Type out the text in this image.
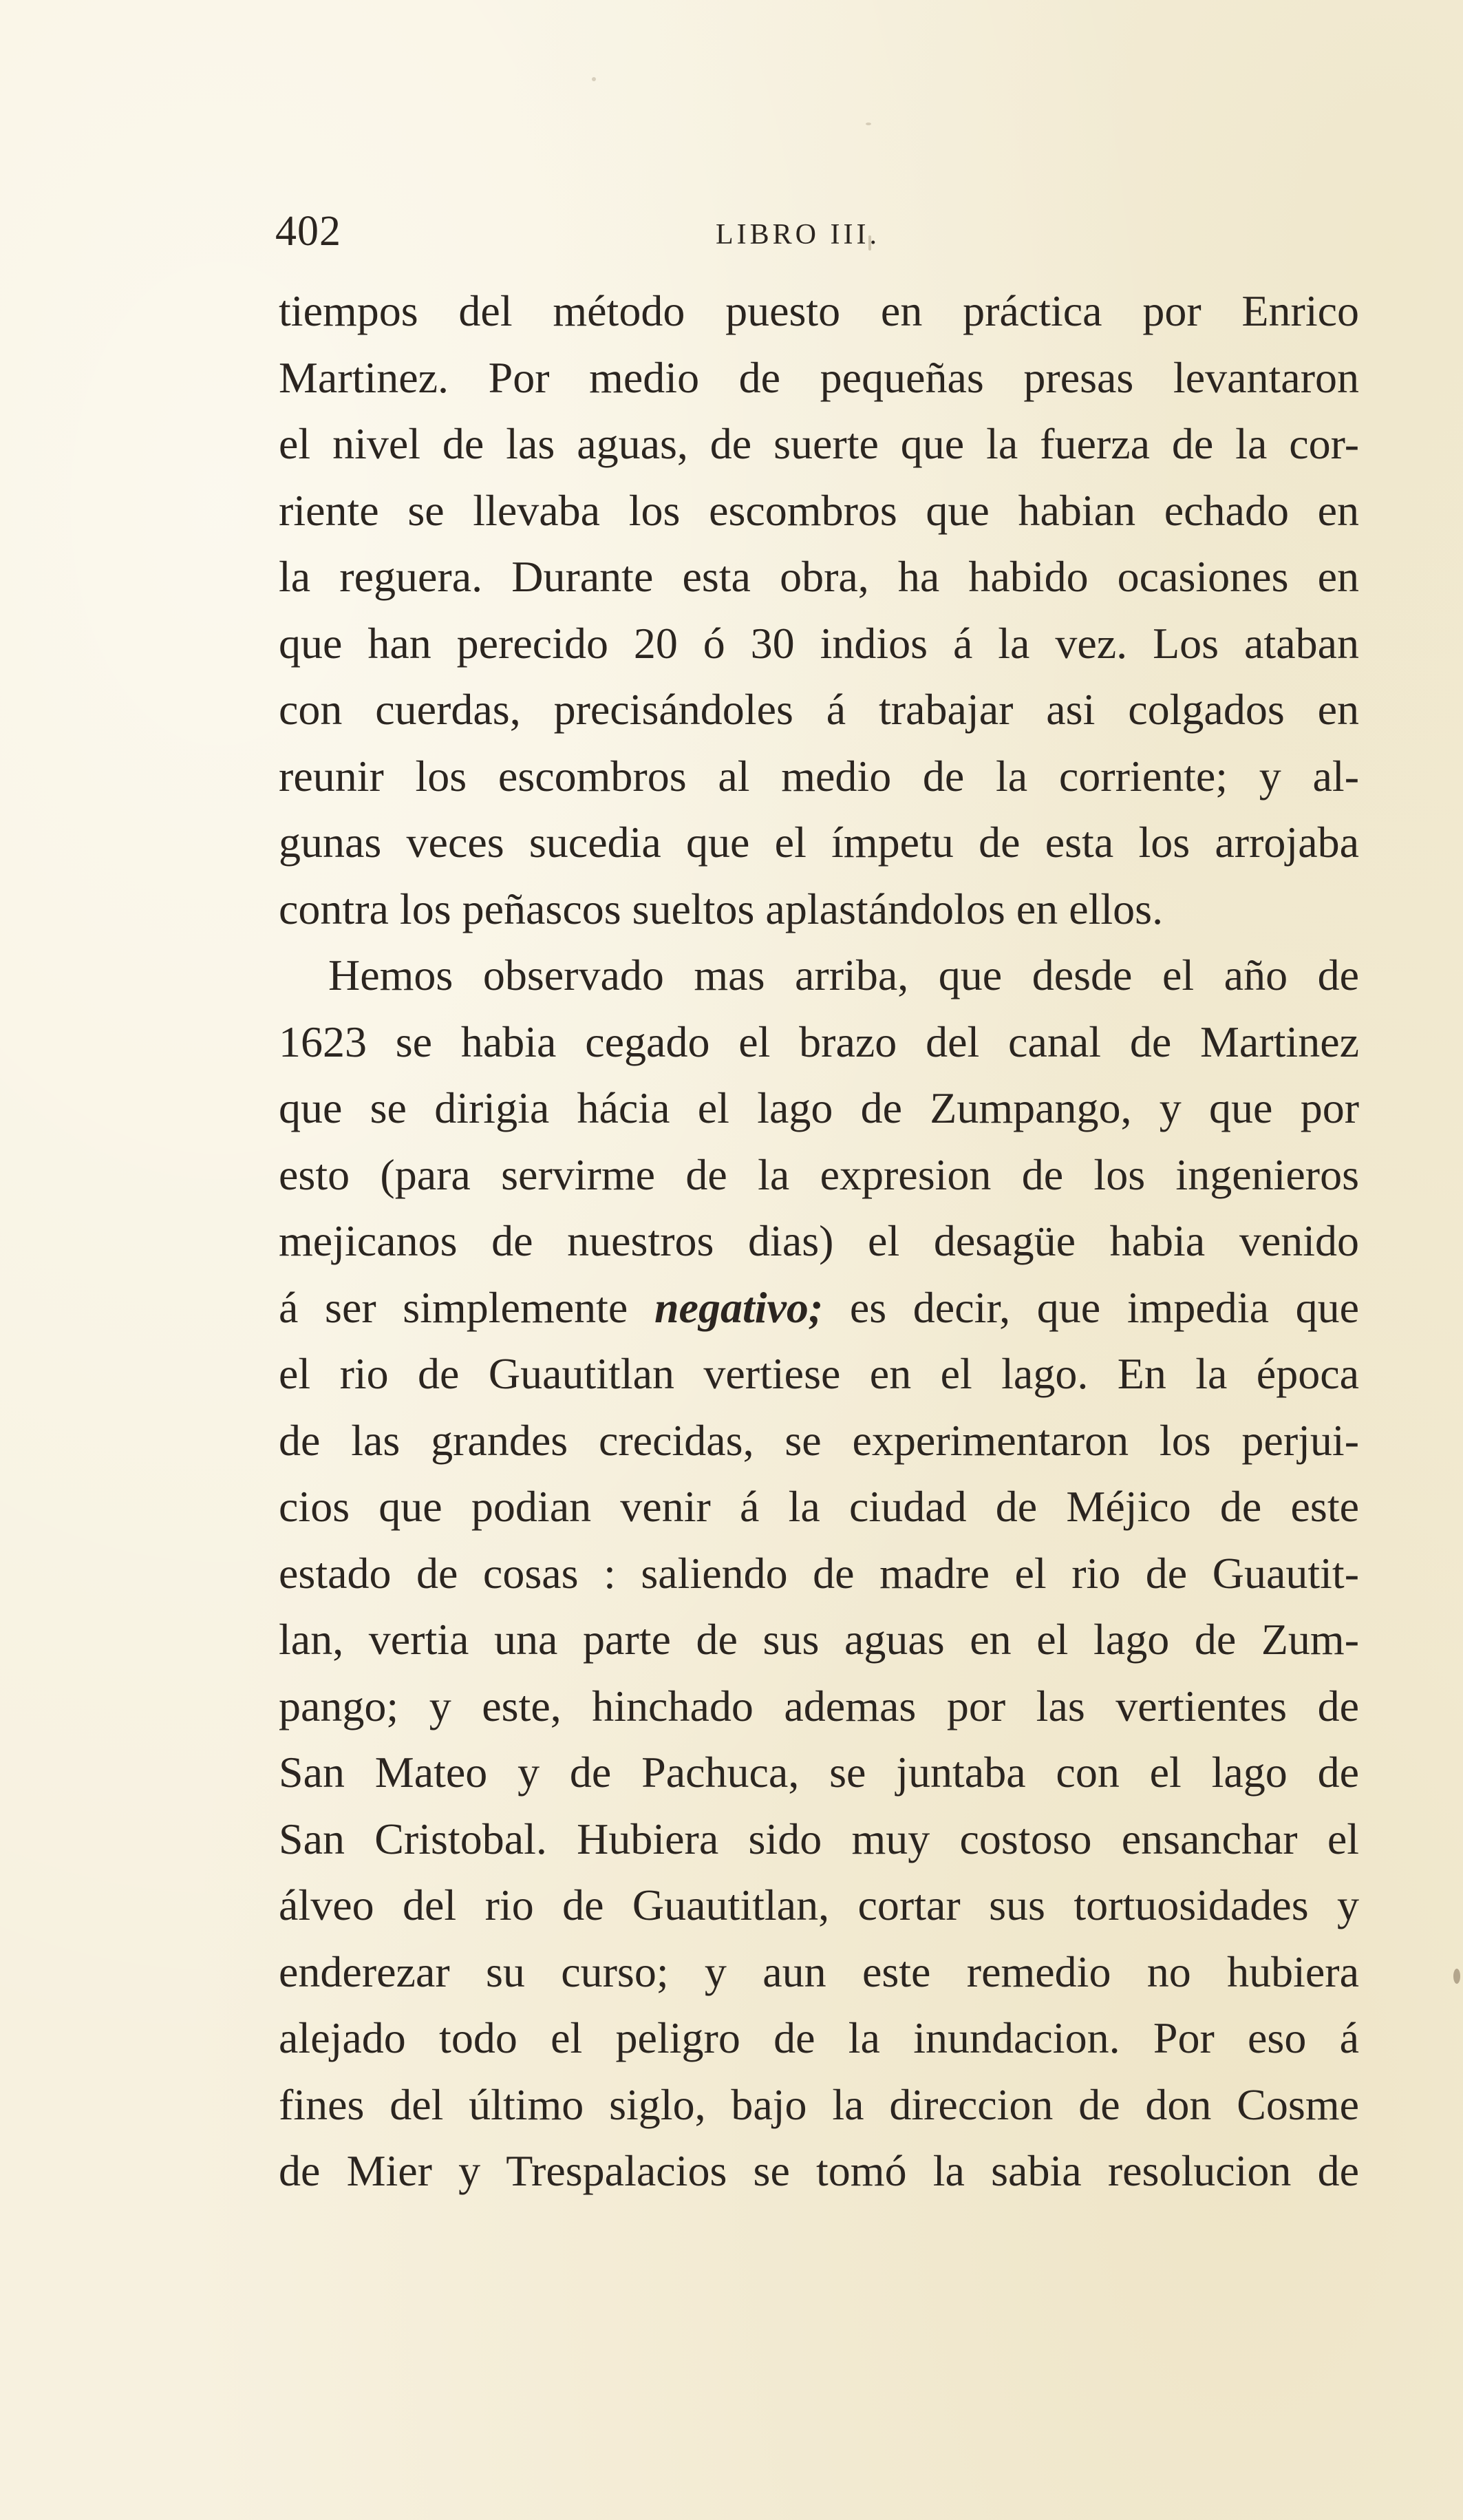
402	LIBRO III.
tiempos del método puesto en práctica por Enrico
Martinez. Por medio de pequeñas presas levantaron
el nivel de las aguas, de suerte que la fuerza de la cor-
riente se llevaba los escombros que habian echado en
la reguera. Durante esta obra, ha habido ocasiones en
que han perecido 20 ó 30 indios á la vez. Los ataban
con cuerdas, precisándoles á trabajar asi colgados en
reunir los escombros al medio de la corriente; y al-
gunas veces sucedia que el ímpetu de esta los arrojaba
contra los peñascos sueltos aplastándolos en ellos.
Hemos observado mas arriba, que desde el año de
1623 se habia cegado el brazo del canal de Martinez
que se dirigia hácia el lago de Zumpango, y que por
esto (para servirme de la expresion de los ingenieros
mejicanos de nuestros dias) el desagüe habia venido
á ser simplemente negativo; es decir, que impedia que
el rio de Guautitlan vertiese en el lago. En la época
de las grandes crecidas, se experimentaron los perjui-
cios que podian venir á la ciudad de Méjico de este
estado de cosas : saliendo de madre el rio de Guautit-
lan, vertia una parte de sus aguas en el lago de Zum-
pango; y este, hinchado ademas por las vertientes de
San Mateo y de Pachuca, se juntaba con el lago de
San Cristobal. Hubiera sido muy costoso ensanchar el
álveo del rio de Guautitlan, cortar sus tortuosidades y
enderezar su curso; y aun este remedio no hubiera
alejado todo el peligro de la inundacion. Por eso á
fines del último siglo, bajo la direccion de don Cosme
de Mier y Trespalacios se tomó la sabia resolucion de
